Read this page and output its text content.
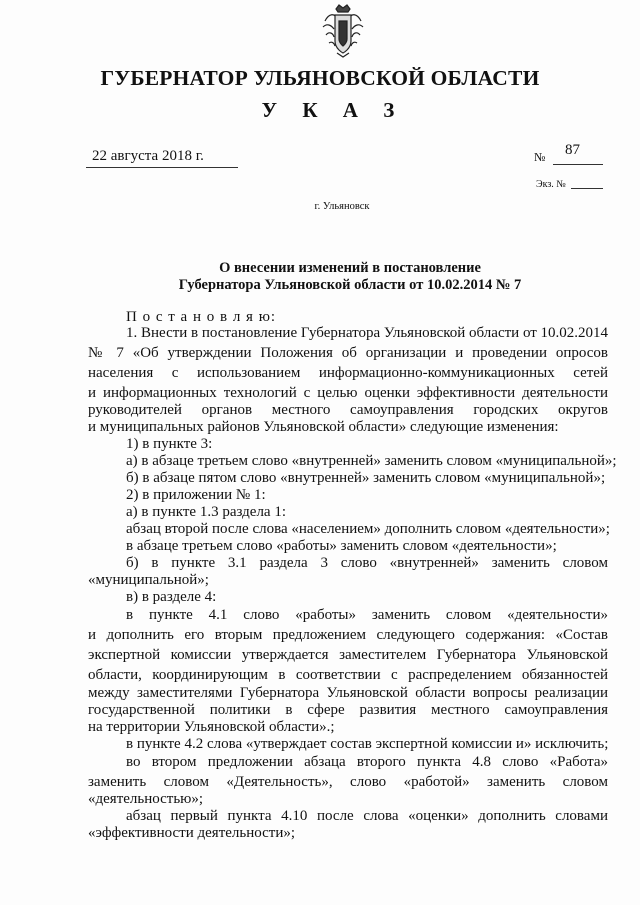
ГУБЕРНАТОР УЛЬЯНОВСКОЙ ОБЛАСТИ
У К А З
22 августа 2018 г.	№ 87
Экз. №
г. Ульяновск
О внесении изменений в постановление
Губернатора Ульяновской области от 10.02.2014 № 7
П о с т а н о в л я ю:
1. Внести в постановление Губернатора Ульяновской области от 10.02.2014
№ 7 «Об утверждении Положения об организации и проведении опросов
населения с использованием информационно-коммуникационных сетей
и информационных технологий с целью оценки эффективности деятельности
руководителей органов местного самоуправления городских округов
и муниципальных районов Ульяновской области» следующие изменения:
1) в пункте 3:
а) в абзаце третьем слово «внутренней» заменить словом «муниципальной»;
б) в абзаце пятом слово «внутренней» заменить словом «муниципальной»;
2) в приложении № 1:
а) в пункте 1.3 раздела 1:
абзац второй после слова «населением» дополнить словом «деятельности»;
в абзаце третьем слово «работы» заменить словом «деятельности»;
б) в пункте 3.1 раздела 3 слово «внутренней» заменить словом
«муниципальной»;
в) в разделе 4:
в пункте 4.1 слово «работы» заменить словом «деятельности»
и дополнить его вторым предложением следующего содержания: «Состав
экспертной комиссии утверждается заместителем Губернатора Ульяновской
области, координирующим в соответствии с распределением обязанностей
между заместителями Губернатора Ульяновской области вопросы реализации
государственной политики в сфере развития местного самоуправления
на территории Ульяновской области».;
в пункте 4.2 слова «утверждает состав экспертной комиссии и» исключить;
во втором предложении абзаца второго пункта 4.8 слово «Работа»
заменить словом «Деятельность», слово «работой» заменить словом
«деятельностью»;
абзац первый пункта 4.10 после слова «оценки» дополнить словами
«эффективности деятельности»;
